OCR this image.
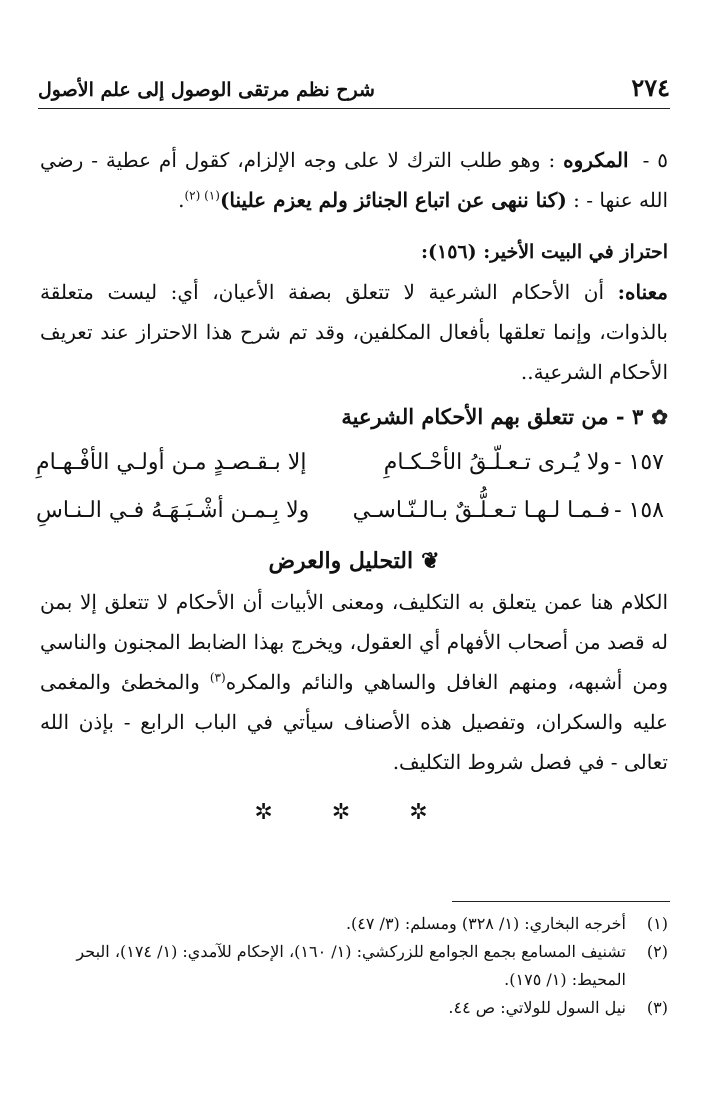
٢٧٤
شرح نظم مرتقى الوصول إلى علم الأصول
٥ -المكروه : وهو طلب الترك لا على وجه الإلزام، كقول أم عطية - رضي الله عنها - : (كنا ننهى عن اتباع الجنائز ولم يعزم علينا)$^{(١) (٢)}$.
احتراز في البيت الأخير: (١٥٦):
معناه: أن الأحكام الشرعية لا تتعلق بصفة الأعيان، أي: ليست متعلقة بالذوات، وإنما تعلقها بأفعال المكلفين، وقد تم شرح هذا الاحتراز عند تعريف الأحكام الشرعية..
✿٣ - من تتعلق بهم الأحكام الشرعية
١٥٧ -
ولا يُـرى تـعـلّـقُ الأحْـكـامِ
إلا بـقـصـدٍ مـن أولـي الأفْـهـامِ
١٥٨ -
فـمـا لـهـا تـعـلُّـقٌ بـالـنّـاسـي
ولا بِـمـن أشْـبَـهَـهُ فـي الـنـاسِ
❦التحليل والعرض
الكلام هنا عمن يتعلق به التكليف، ومعنى الأبيات أن الأحكام لا تتعلق إلا بمن له قصد من أصحاب الأفهام أي العقول، ويخرج بهذا الضابط المجنون والناسي ومن أشبهه، ومنهم الغافل والساهي والنائم والمكره$^{(٣)}$ والمخطئ والمغمى عليه والسكران، وتفصيل هذه الأصناف سيأتي في الباب الرابع - بإذن الله تعالى - في فصل شروط التكليف.
✲ ✲ ✲
(١)
أخرجه البخاري: (١/ ٣٢٨) ومسلم: (٣/ ٤٧).
(٢)
تشنيف المسامع بجمع الجوامع للزركشي: (١/ ١٦٠)، الإحكام للآمدي: (١/ ١٧٤)، البحر المحيط: (١/ ١٧٥).
(٣)
نيل السول للولاتي: ص ٤٤.
